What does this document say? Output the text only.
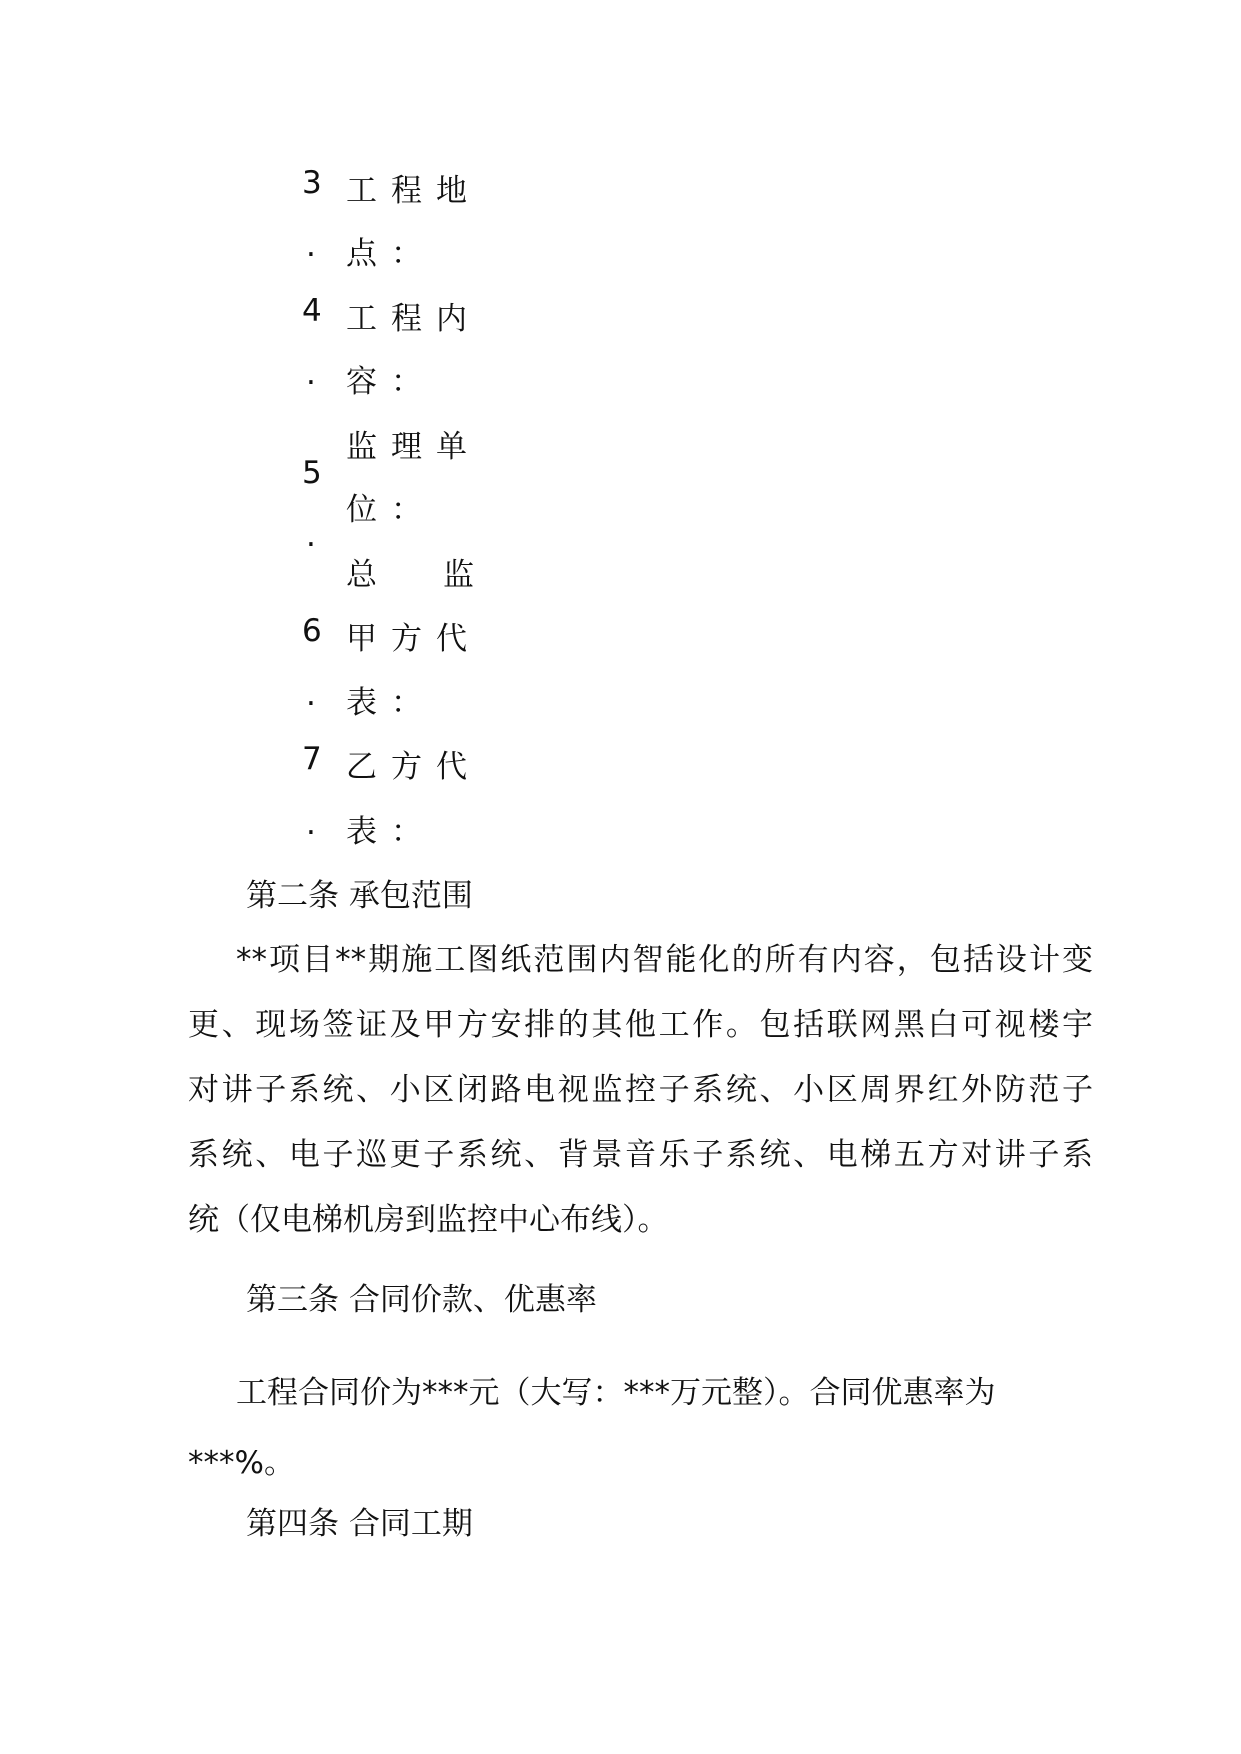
3 工程地
. 点：
4 工程内
. 容：
监理单
5
位：
.
总 监
6 甲方代
. 表：
7 乙方代
. 表：
第二条 承包范围
**项目**期施工图纸范围内智能化的所有内容，包括设计变
更、现场签证及甲方安排的其他工作。包括联网黑白可视楼宇
对讲子系统、小区闭路电视监控子系统、小区周界红外防范子
系统、电子巡更子系统、背景音乐子系统、电梯五方对讲子系
统（仅电梯机房到监控中心布线）。
第三条 合同价款、优惠率
工程合同价为***元（大写：***万元整）。合同优惠率为
***%。
第四条 合同工期
